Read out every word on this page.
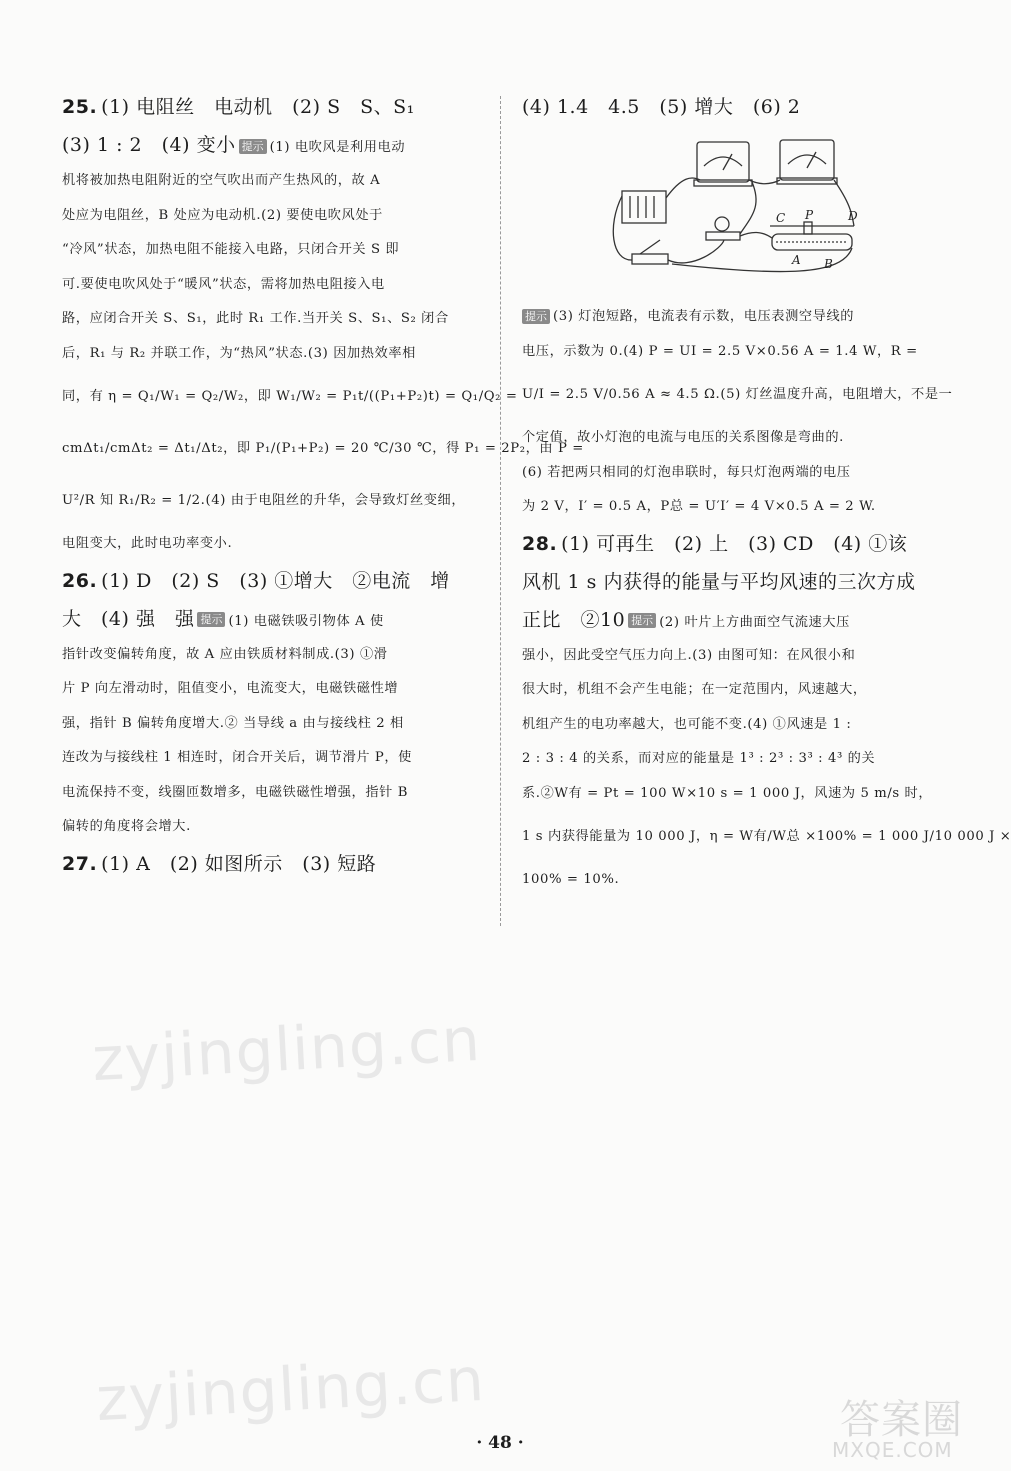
25. (1) 电阻丝　电动机　(2) S　S、S₁
(3) 1 : 2　(4) 变小 提示 (1) 电吹风是利用电动
机将被加热电阻附近的空气吹出而产生热风的，故 A
处应为电阻丝，B 处应为电动机.(2) 要使电吹风处于
“冷风”状态，加热电阻不能接入电路，只闭合开关 S 即
可.要使电吹风处于“暖风”状态，需将加热电阻接入电
路，应闭合开关 S、S₁，此时 R₁ 工作.当开关 S、S₁、S₂ 闭合
后，R₁ 与 R₂ 并联工作，为“热风”状态.(3) 因加热效率相
同，有 η = Q₁/W₁ = Q₂/W₂，即 W₁/W₂ = P₁t/((P₁+P₂)t) = Q₁/Q₂ =
cmΔt₁/cmΔt₂ = Δt₁/Δt₂，即 P₁/(P₁+P₂) = 20 ℃/30 ℃，得 P₁ = 2P₂，由 P =
U²/R 知 R₁/R₂ = 1/2.(4) 由于电阻丝的升华，会导致灯丝变细，
电阻变大，此时电功率变小.
26. (1) D　(2) S　(3) ①增大　②电流　增
大　(4) 强　强 提示 (1) 电磁铁吸引物体 A 使
指针改变偏转角度，故 A 应由铁质材料制成.(3) ①滑
片 P 向左滑动时，阻值变小，电流变大，电磁铁磁性增
强，指针 B 偏转角度增大.② 当导线 a 由与接线柱 2 相
连改为与接线柱 1 相连时，闭合开关后，调节滑片 P，使
电流保持不变，线圈匝数增多，电磁铁磁性增强，指针 B
偏转的角度将会增大.
27. (1) A　(2) 如图所示　(3) 短路
(4) 1.4　4.5　(5) 增大　(6) 2
C P	D
A B
提示 (3) 灯泡短路，电流表有示数，电压表测空导线的
电压，示数为 0.(4) P = UI = 2.5 V×0.56 A = 1.4 W，R =
U/I = 2.5 V/0.56 A ≈ 4.5 Ω.(5) 灯丝温度升高，电阻增大，不是一
个定值，故小灯泡的电流与电压的关系图像是弯曲的.
(6) 若把两只相同的灯泡串联时，每只灯泡两端的电压
为 2 V，I′ = 0.5 A，P总 = U′I′ = 4 V×0.5 A = 2 W.
28. (1) 可再生　(2) 上　(3) CD　(4) ①该
风机 1 s 内获得的能量与平均风速的三次方成
正比　②10 提示 (2) 叶片上方曲面空气流速大压
强小，因此受空气压力向上.(3) 由图可知：在风很小和
很大时，机组不会产生电能；在一定范围内，风速越大，
机组产生的电功率越大，也可能不变.(4) ①风速是 1 :
2 : 3 : 4 的关系，而对应的能量是 1³ : 2³ : 3³ : 4³ 的关
系.②W有 = Pt = 100 W×10 s = 1 000 J，风速为 5 m/s 时，
1 s 内获得能量为 10 000 J，η = W有/W总 ×100% = 1 000 J/10 000 J ×
100% = 10%.
zyjingling.cn
zyjingling.cn	答案圈
MXQE.COM
· 48 ·
